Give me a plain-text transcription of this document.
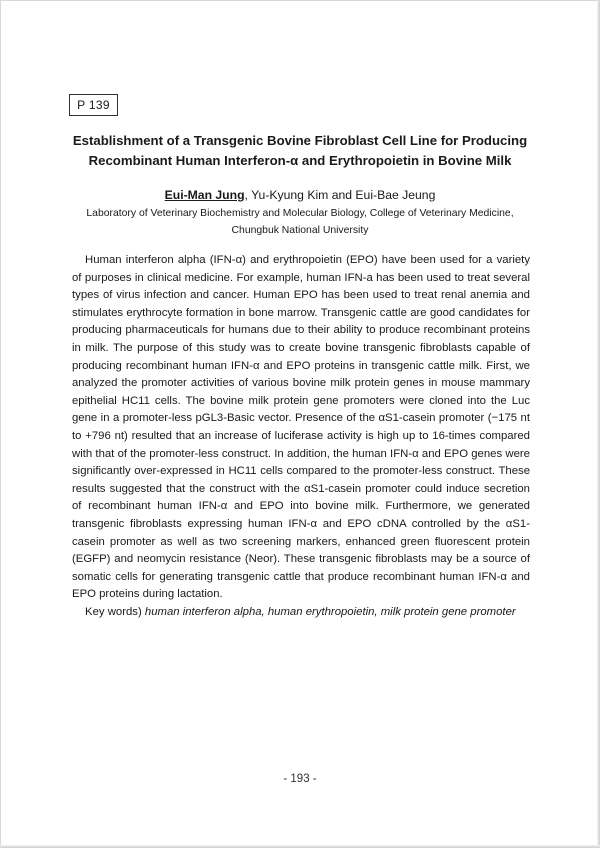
P 139
Establishment of a Transgenic Bovine Fibroblast Cell Line for Producing
Recombinant Human Interferon-α and Erythropoietin in Bovine Milk
Eui-Man Jung, Yu-Kyung Kim and Eui-Bae Jeung
Laboratory of Veterinary Biochemistry and Molecular Biology, College of Veterinary Medicine,
Chungbuk National University

Human interferon alpha (IFN-α) and erythropoietin (EPO) have been used for a variety of purposes in clinical medicine. For example, human IFN-a has been used to treat several types of virus infection and cancer. Human EPO has been used to treat renal anemia and stimulates erythrocyte formation in bone marrow. Transgenic cattle are good candidates for producing pharmaceuticals for humans due to their ability to produce recombinant proteins in milk. The purpose of this study was to create bovine transgenic fibroblasts capable of producing recombinant human IFN-α and EPO proteins in transgenic cattle milk. First, we analyzed the promoter activities of various bovine milk protein genes in mouse mammary epithelial HC11 cells. The bovine milk protein gene promoters were cloned into the Luc gene in a promoter-less pGL3-Basic vector. Presence of the αS1-casein promoter (−175 nt to +796 nt) resulted that an increase of luciferase activity is high up to 16-times compared with that of the promoter-less construct. In addition, the human IFN-α and EPO genes were significantly over-expressed in HC11 cells compared to the promoter-less construct. These results suggested that the construct with the αS1-casein promoter could induce secretion of recombinant human IFN-α and EPO into bovine milk. Furthermore, we generated transgenic fibroblasts expressing human IFN-α and EPO cDNA controlled by the αS1-casein promoter as well as two screening markers, enhanced green fluorescent protein (EGFP) and neomycin resistance (Neor). These transgenic fibroblasts may be a source of somatic cells for generating transgenic cattle that produce recombinant human IFN-α and EPO proteins during lactation.

Key words) human interferon alpha, human erythropoietin, milk protein gene promoter
- 193 -
